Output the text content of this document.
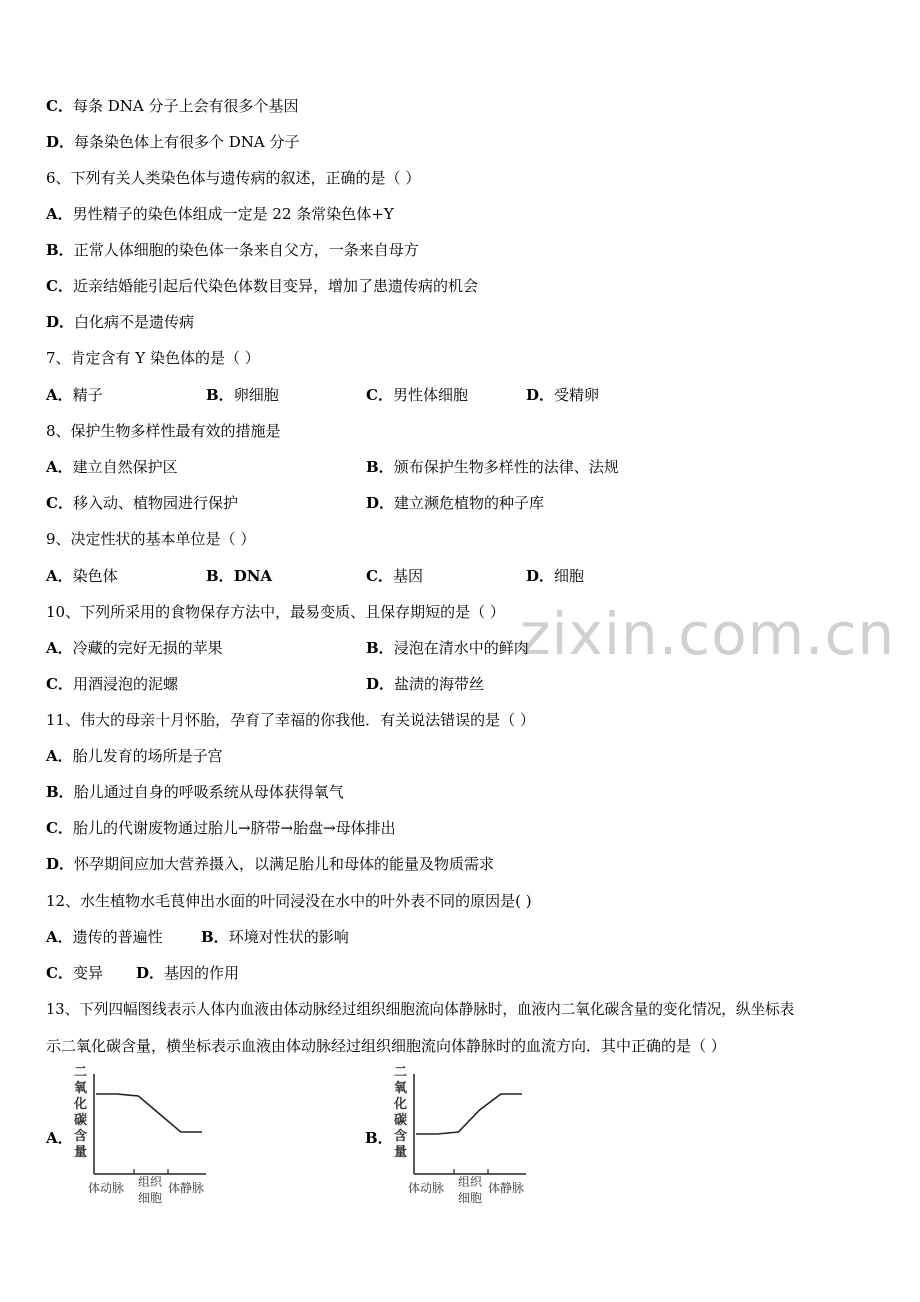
zixin.com.cn
C．每条 DNA 分子上会有很多个基因
D．每条染色体上有很多个 DNA 分子
6、下列有关人类染色体与遗传病的叙述，正确的是（ ）
A．男性精子的染色体组成一定是 22 条常染色体+Y
B．正常人体细胞的染色体一条来自父方，一条来自母方
C．近亲结婚能引起后代染色体数目变异，增加了患遗传病的机会
D．白化病不是遗传病
7、肯定含有 Y 染色体的是（ ）
A．精子	B．卵细胞	C．男性体细胞	D．受精卵
8、保护生物多样性最有效的措施是
A．建立自然保护区	B．颁布保护生物多样性的法律、法规
C．移入动、植物园进行保护	D．建立濒危植物的种子库
9、决定性状的基本单位是（ ）
A．染色体	B．DNA	C．基因	D．细胞
10、下列所采用的食物保存方法中，最易变质、且保存期短的是（ ）
A．冷藏的完好无损的苹果	B．浸泡在清水中的鲜肉
C．用酒浸泡的泥螺	D．盐渍的海带丝
11、伟大的母亲十月怀胎，孕育了幸福的你我他．有关说法错误的是（ ）
A．胎儿发育的场所是子宫
B．胎儿通过自身的呼吸系统从母体获得氧气
C．胎儿的代谢废物通过胎儿→脐带→胎盘→母体排出
D．怀孕期间应加大营养摄入，以满足胎儿和母体的能量及物质需求
12、水生植物水毛茛伸出水面的叶同浸没在水中的叶外表不同的原因是( )
A．遗传的普遍性	B．环境对性状的影响
C．变异 D．基因的作用
13、下列四幅图线表示人体内血液由体动脉经过组织细胞流向体静脉时，血液内二氧化碳含量的变化情况，纵坐标表
示二氧化碳含量，横坐标表示血液由体动脉经过组织细胞流向体静脉时的血流方向．其中正确的是（ ）
A．
二
氧
化
碳
含
量
体动脉 组织
细胞
体静脉
B．
二
氧
化
碳
含
量
体动脉 组织
细胞
体静脉
